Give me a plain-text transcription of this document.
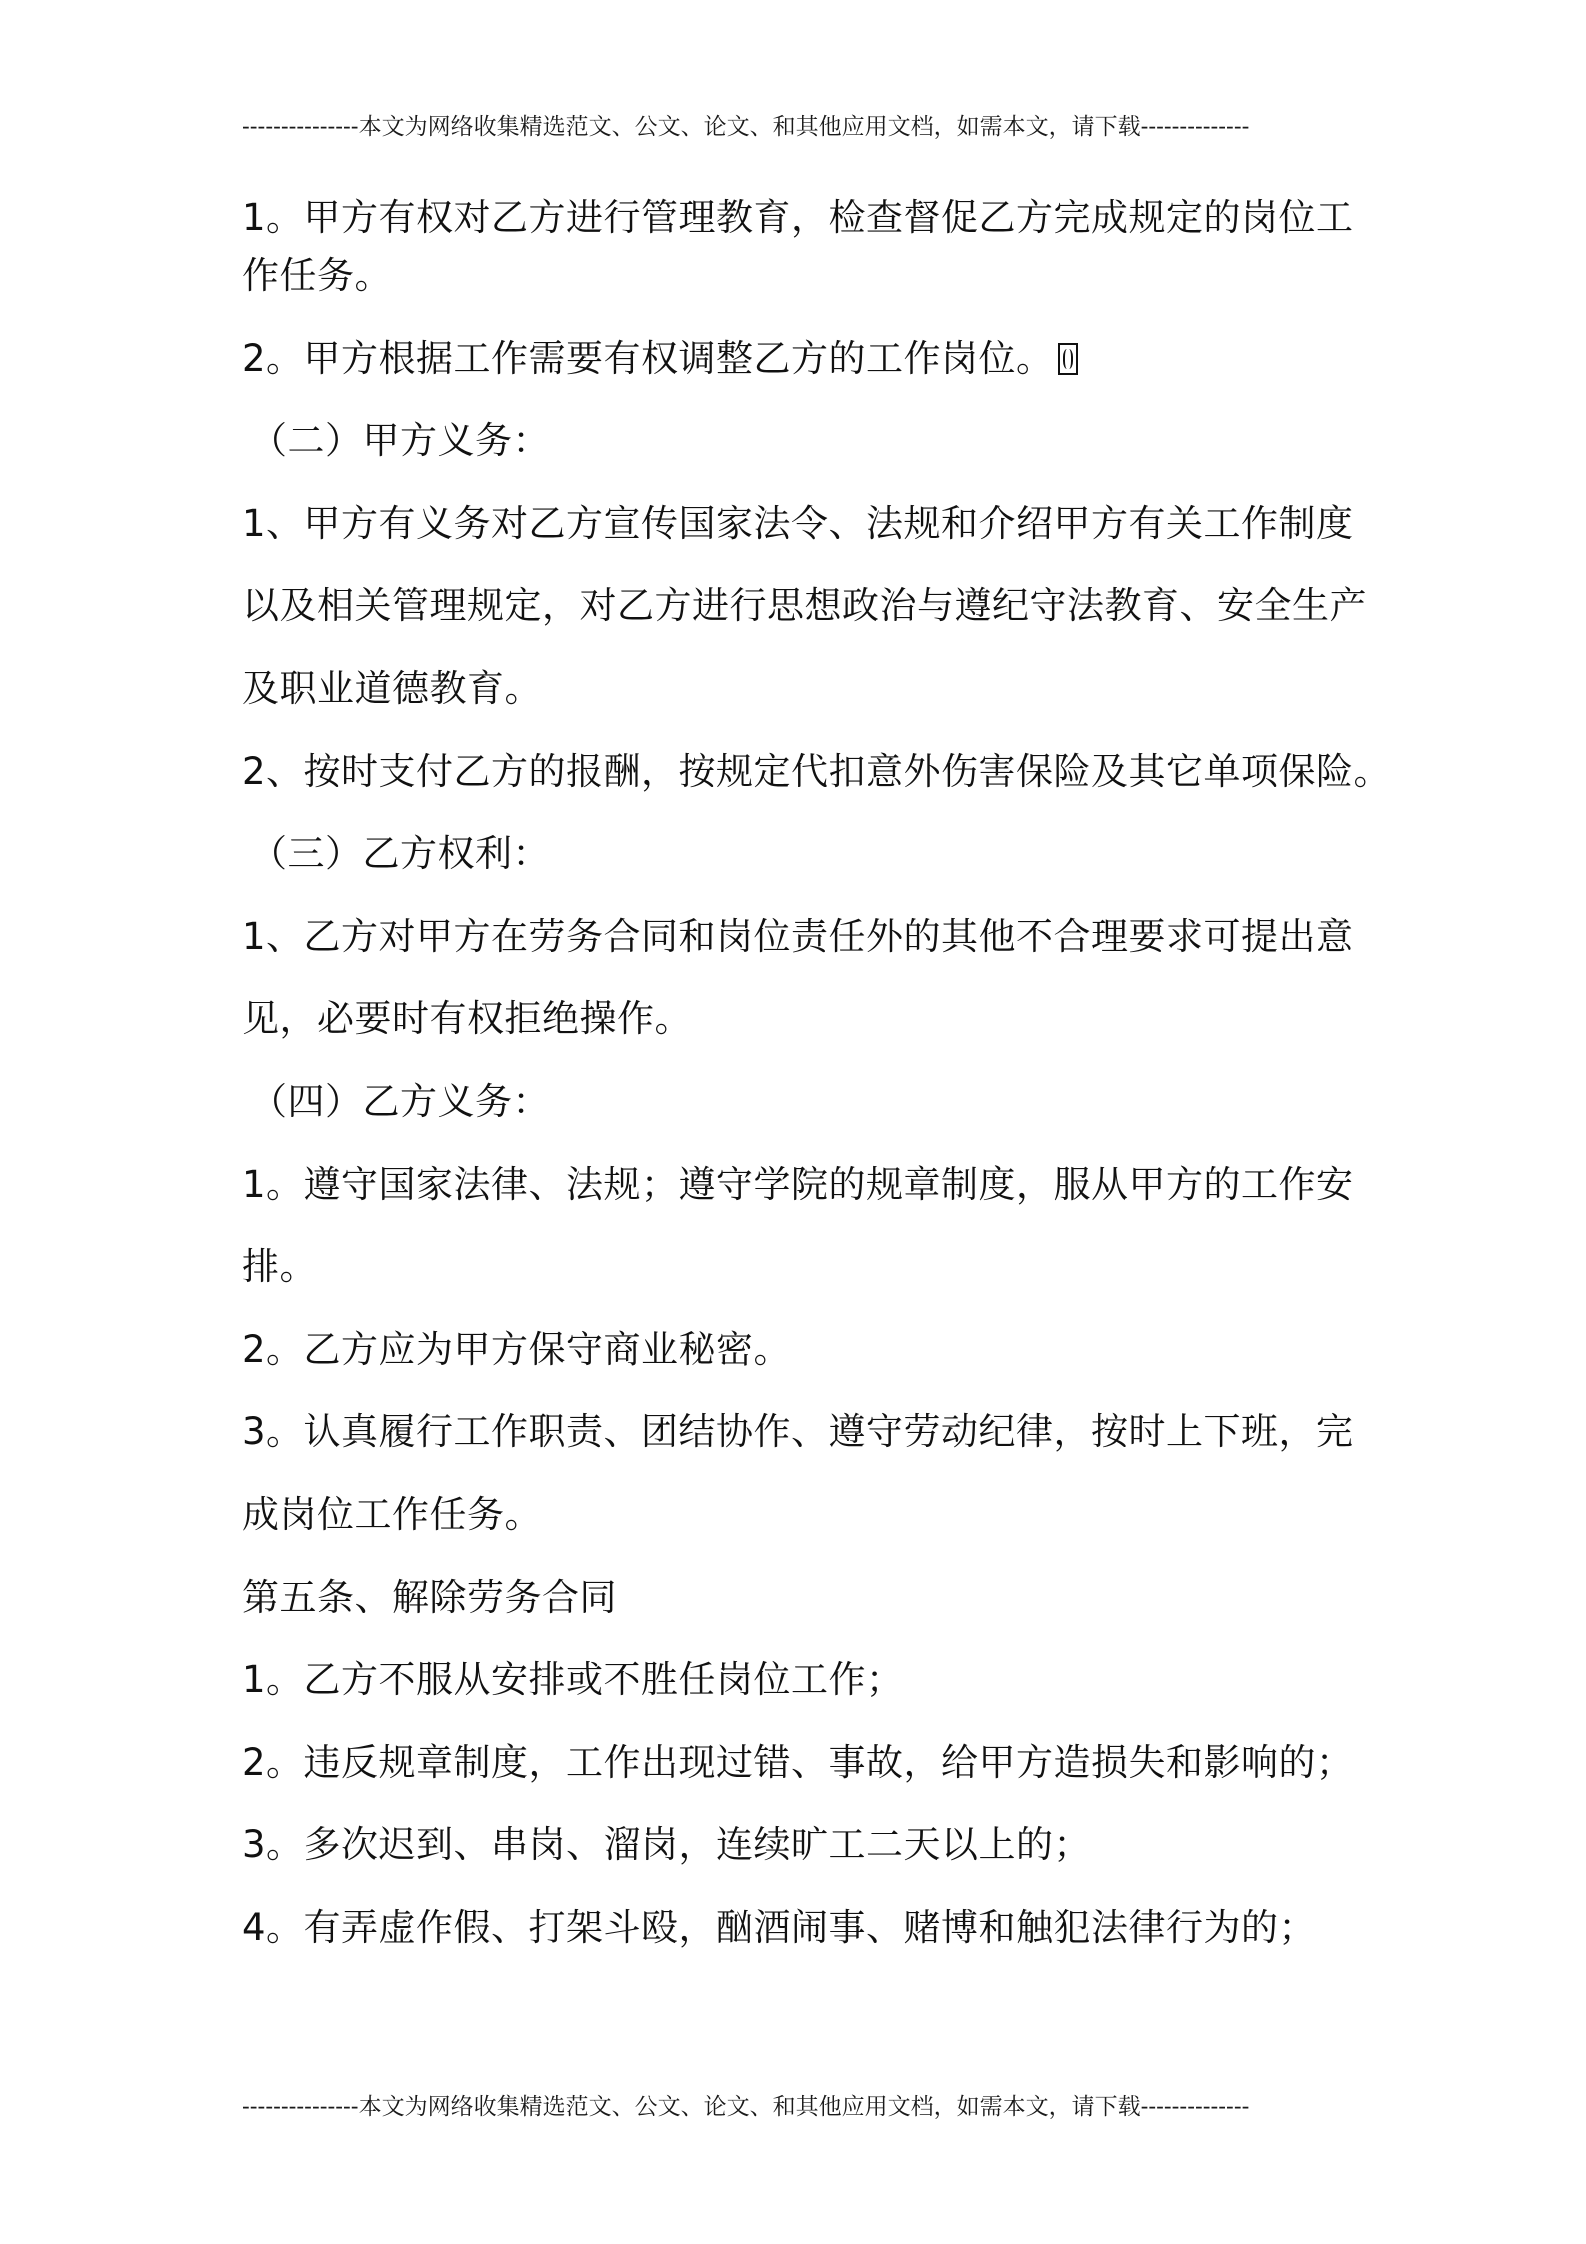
---------------本文为网络收集精选范文、公文、论文、和其他应用文档，如需本文，请下载--------------
1。甲方有权对乙方进行管理教育，检查督促乙方完成规定的岗位工
作任务。
2。甲方根据工作需要有权调整乙方的工作岗位。
（二）甲方义务：
1、甲方有义务对乙方宣传国家法令、法规和介绍甲方有关工作制度
以及相关管理规定，对乙方进行思想政治与遵纪守法教育、安全生产
及职业道德教育。
2、按时支付乙方的报酬，按规定代扣意外伤害保险及其它单项保险。
（三）乙方权利：
1、乙方对甲方在劳务合同和岗位责任外的其他不合理要求可提出意
见，必要时有权拒绝操作。
（四）乙方义务：
1。遵守国家法律、法规；遵守学院的规章制度，服从甲方的工作安
排。
2。乙方应为甲方保守商业秘密。
3。认真履行工作职责、团结协作、遵守劳动纪律，按时上下班，完
成岗位工作任务。
第五条、解除劳务合同
1。乙方不服从安排或不胜任岗位工作；
2。违反规章制度，工作出现过错、事故，给甲方造损失和影响的；
3。多次迟到、串岗、溜岗，连续旷工二天以上的；
4。有弄虚作假、打架斗殴，酗酒闹事、赌博和触犯法律行为的；
---------------本文为网络收集精选范文、公文、论文、和其他应用文档，如需本文，请下载--------------
